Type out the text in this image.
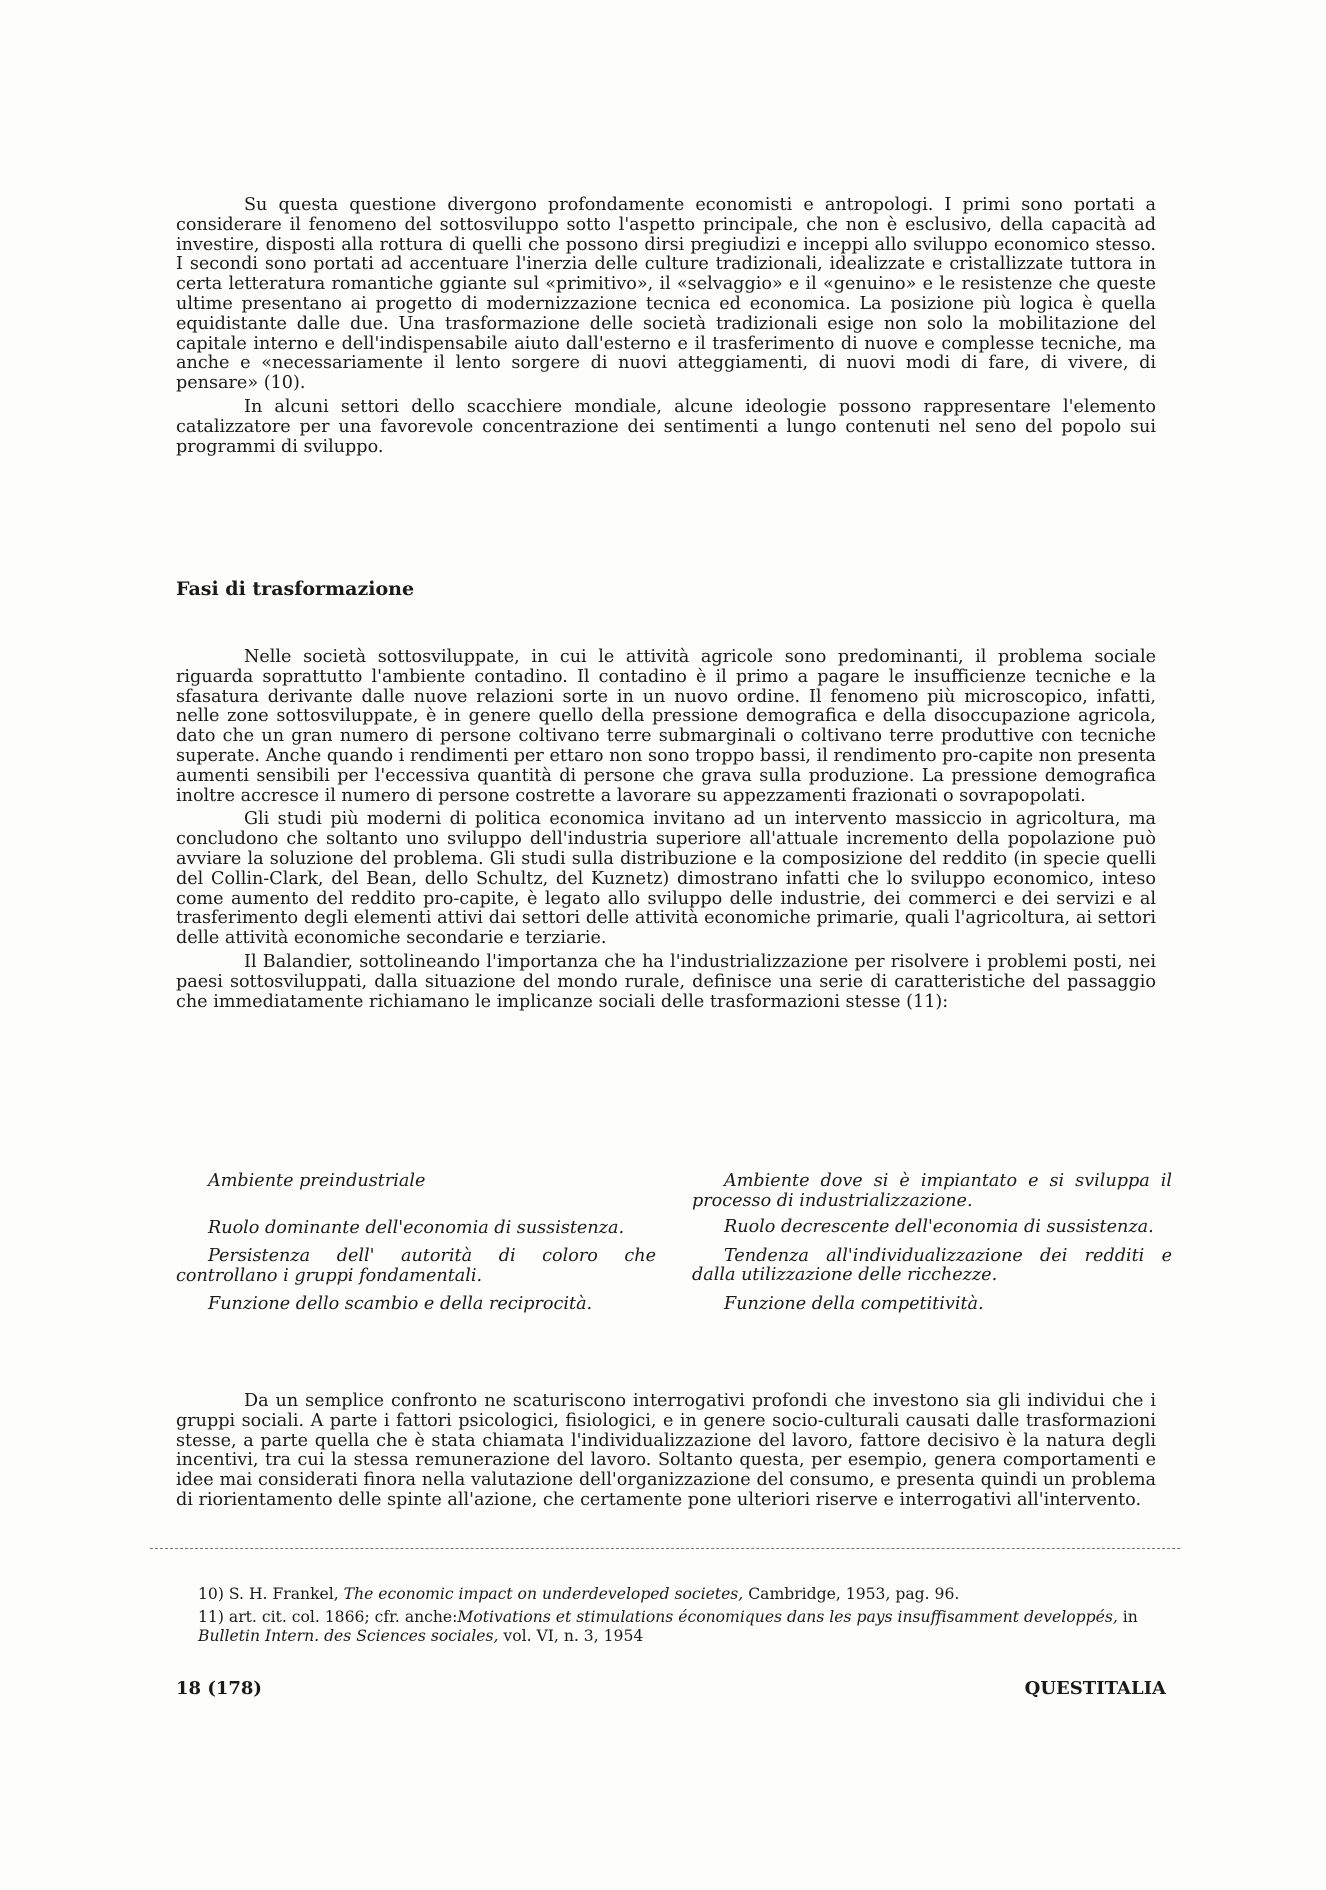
Su questa questione divergono profondamente economisti e antropologi. I primi sono portati a considerare il fenomeno del sottosviluppo sotto l'aspetto principale, che non è esclusivo, della capacità ad investire, disposti alla rottura di quelli che possono dirsi pregiudizi e inceppi allo sviluppo economico stesso. I secondi sono portati ad accentuare l'inerzia delle culture tradizionali, idealizzate e cristallizzate tuttora in certa letteratura romantiche ggiante sul «primitivo», il «selvaggio» e il «genuino» e le resistenze che queste ultime presentano ai progetto di modernizzazione tecnica ed economica. La posizione più logica è quella equidistante dalle due. Una trasformazione delle società tradizionali esige non solo la mobilitazione del capitale interno e dell'indispensabile aiuto dall'esterno e il trasferimento di nuove e complesse tecniche, ma anche e «necessariamente il lento sorgere di nuovi atteggiamenti, di nuovi modi di fare, di vivere, di pensare» (10).

In alcuni settori dello scacchiere mondiale, alcune ideologie possono rappresentare l'elemento catalizzatore per una favorevole concentrazione dei sentimenti a lungo contenuti nel seno del popolo sui programmi di sviluppo.

Fasi di trasformazione

Nelle società sottosviluppate, in cui le attività agricole sono predominanti, il problema sociale riguarda soprattutto l'ambiente contadino. Il contadino è il primo a pagare le insufficienze tecniche e la sfasatura derivante dalle nuove relazioni sorte in un nuovo ordine. Il fenomeno più microscopico, infatti, nelle zone sottosviluppate, è in genere quello della pressione demografica e della disoccupazione agricola, dato che un gran numero di persone coltivano terre submarginali o coltivano terre produttive con tecniche superate. Anche quando i rendimenti per ettaro non sono troppo bassi, il rendimento pro-capite non presenta aumenti sensibili per l'eccessiva quantità di persone che grava sulla produzione. La pressione demografica inoltre accresce il numero di persone costrette a lavorare su appezzamenti frazionati o sovrapopolati.

Gli studi più moderni di politica economica invitano ad un intervento massiccio in agricoltura, ma concludono che soltanto uno sviluppo dell'industria superiore all'attuale incremento della popolazione può avviare la soluzione del problema. Gli studi sulla distribuzione e la composizione del reddito (in specie quelli del Collin-Clark, del Bean, dello Schultz, del Kuznetz) dimostrano infatti che lo sviluppo economico, inteso come aumento del reddito pro-capite, è legato allo sviluppo delle industrie, dei commerci e dei servizi e al trasferimento degli elementi attivi dai settori delle attività economiche primarie, quali l'agricoltura, ai settori delle attività economiche secondarie e terziarie.

Il Balandier, sottolineando l'importanza che ha l'industrializzazione per risolvere i problemi posti, nei paesi sottosviluppati, dalla situazione del mondo rurale, definisce una serie di caratteristiche del passaggio che immediatamente richiamano le implicanze sociali delle trasformazioni stesse (11):

Ambiente preindustriale

Ruolo dominante dell'economia di sussistenza.

Persistenza dell' autorità di coloro che controllano i gruppi fondamentali.

Funzione dello scambio e della reciprocità.

Ambiente dove si è impiantato e si sviluppa il processo di industrializzazione.

Ruolo decrescente dell'economia di sussistenza.

Tendenza all'individualizzazione dei redditi e dalla utilizzazione delle ricchezze.

Funzione della competitività.

Da un semplice confronto ne scaturiscono interrogativi profondi che investono sia gli individui che i gruppi sociali. A parte i fattori psicologici, fisiologici, e in genere socio-culturali causati dalle trasformazioni stesse, a parte quella che è stata chiamata l'individualizzazione del lavoro, fattore decisivo è la natura degli incentivi, tra cui la stessa remunerazione del lavoro. Soltanto questa, per esempio, genera comportamenti e idee mai considerati finora nella valutazione dell'organizzazione del consumo, e presenta quindi un problema di riorientamento delle spinte all'azione, che certamente pone ulteriori riserve e interrogativi all'intervento.

10) S. H. Frankel, The economic impact on underdeveloped societes, Cambridge, 1953, pag. 96.

11) art. cit. col. 1866; cfr. anche:Motivations et stimulations économiques dans les pays insuffisamment developpés, in Bulletin Intern. des Sciences sociales, vol. VI, n. 3, 1954

18 (178)	QUESTITALIA
